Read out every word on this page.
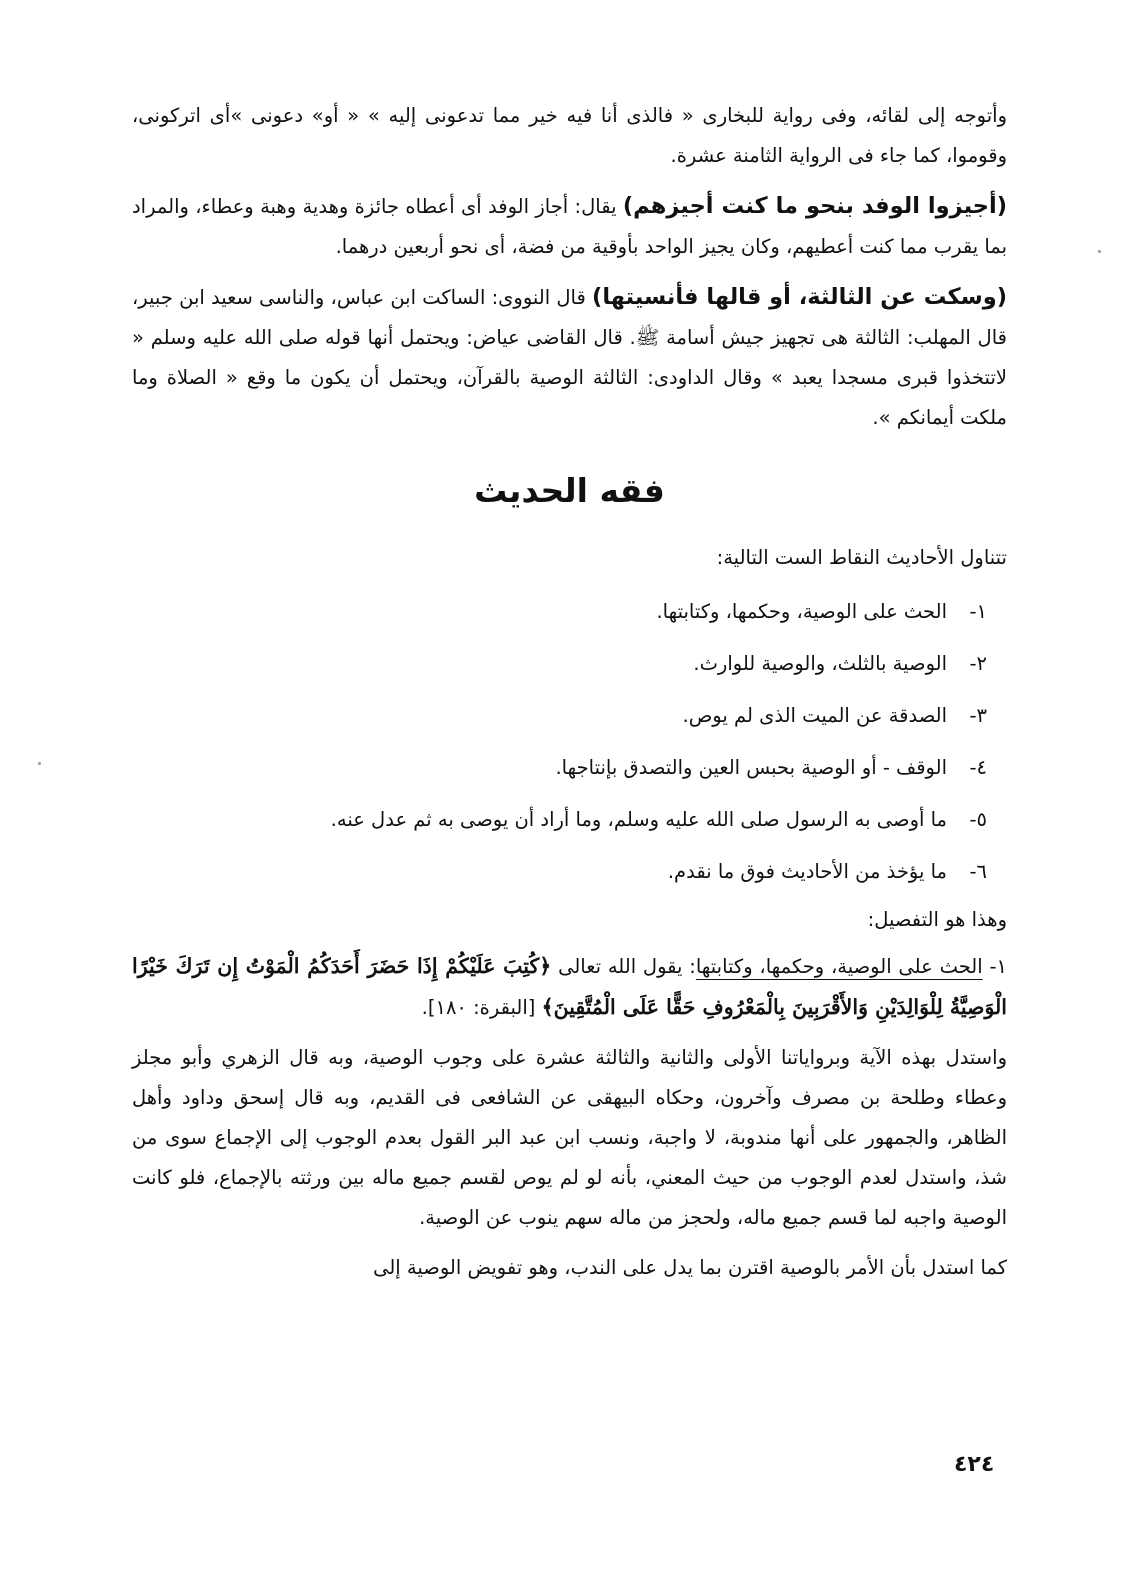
وأتوجه إلى لقائه، وفى رواية للبخارى « فالذى أنا فيه خير مما تدعونى إليه » « أو» دعونى »أى اتركونى، وقوموا، كما جاء فى الرواية الثامنة عشرة.

(أجيزوا الوفد بنحو ما كنت أجيزهم) يقال: أجاز الوفد أى أعطاه جائزة وهدية وهبة وعطاء، والمراد بما يقرب مما كنت أعطيهم، وكان يجيز الواحد بأوقية من فضة، أى نحو أربعين درهما.

(وسكت عن الثالثة، أو قالها فأنسيتها) قال النووى: الساكت ابن عباس، والناسى سعيد ابن جبير، قال المهلب: الثالثة هى تجهيز جيش أسامة ﷺ. قال القاضى عياض: ويحتمل أنها قوله صلى الله عليه وسلم « لاتتخذوا قبرى مسجدا يعبد » وقال الداودى: الثالثة الوصية بالقرآن، ويحتمل أن يكون ما وقع « الصلاة وما ملكت أيمانكم ».

فقه الحديث

تتناول الأحاديث النقاط الست التالية:

١-
الحث على الوصية، وحكمها، وكتابتها.
٢-
الوصية بالثلث، والوصية للوارث.
٣-
الصدقة عن الميت الذى لم يوص.
٤-
الوقف - أو الوصية بحبس العين والتصدق بإنتاجها.
٥-
ما أوصى به الرسول صلى الله عليه وسلم، وما أراد أن يوصى به ثم عدل عنه.
٦-
ما يؤخذ من الأحاديث فوق ما نقدم.

وهذا هو التفصيل:

١- الحث على الوصية، وحكمها، وكتابتها: يقول الله تعالى ﴿كُتِبَ عَلَيْكُمْ إِذَا حَضَرَ أَحَدَكُمُ الْمَوْتُ إِن تَرَكَ خَيْرًا الْوَصِيَّةُ لِلْوَالِدَيْنِ وَالأَقْرَبِينَ بِالْمَعْرُوفِ حَقًّا عَلَى الْمُتَّقِينَ﴾ [البقرة: ١٨٠].

واستدل بهذه الآية وبرواياتنا الأولى والثانية والثالثة عشرة على وجوب الوصية، وبه قال الزهري وأبو مجلز وعطاء وطلحة بن مصرف وآخرون، وحكاه البيهقى عن الشافعى فى القديم، وبه قال إسحق وداود وأهل الظاهر، والجمهور على أنها مندوبة، لا واجبة، ونسب ابن عبد البر القول بعدم الوجوب إلى الإجماع سوى من شذ، واستدل لعدم الوجوب من حيث المعني، بأنه لو لم يوص لقسم جميع ماله بين ورثته بالإجماع، فلو كانت الوصية واجبه لما قسم جميع ماله، ولحجز من ماله سهم ينوب عن الوصية.

كما استدل بأن الأمر بالوصية اقترن بما يدل على الندب، وهو تفويض الوصية إلى

٤٢٤
